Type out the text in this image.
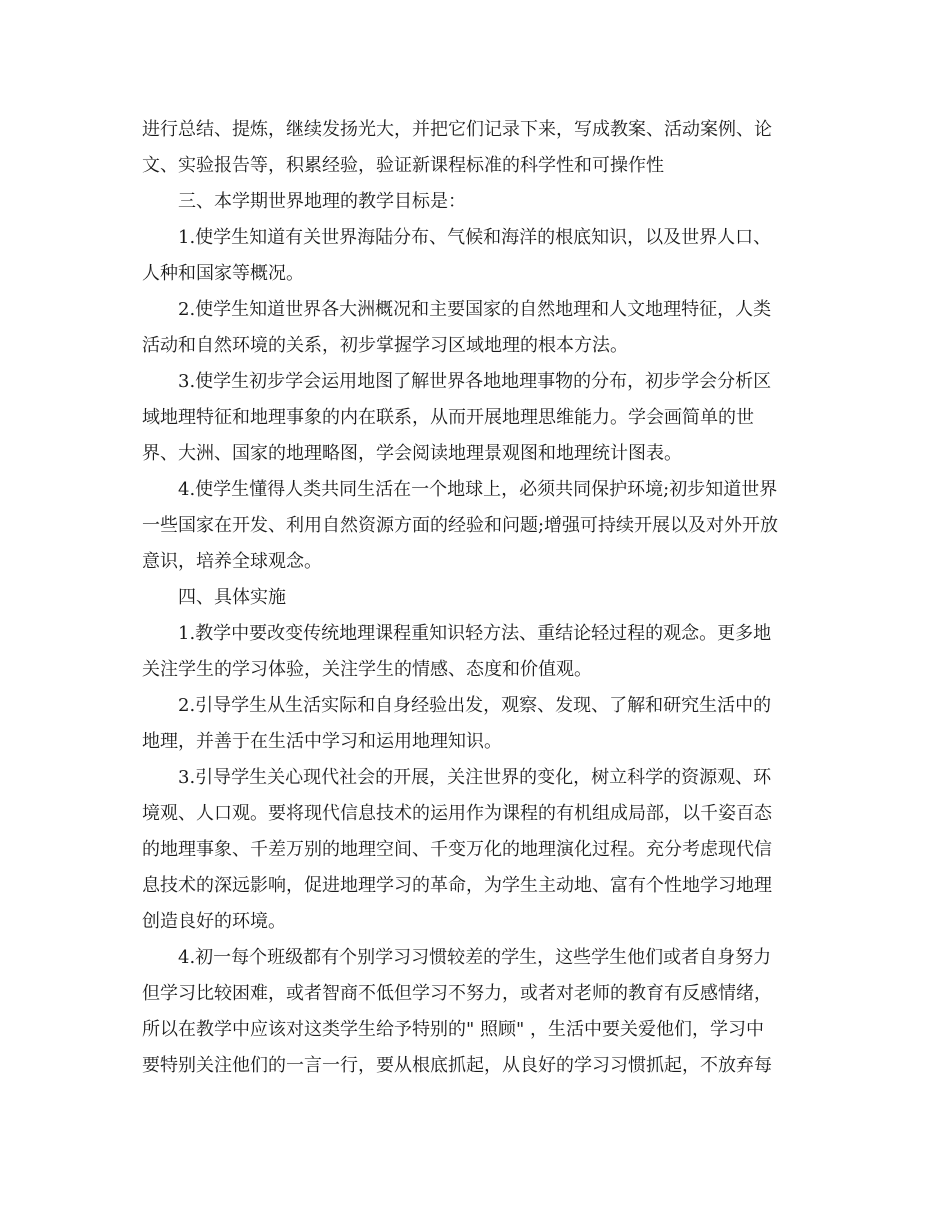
进行总结、提炼，继续发扬光大，并把它们记录下来，写成教案、活动案例、论
文、实验报告等，积累经验，验证新课程标准的科学性和可操作性
三、本学期世界地理的教学目标是：
1.使学生知道有关世界海陆分布、气候和海洋的根底知识，以及世界人口、
人种和国家等概况。
2.使学生知道世界各大洲概况和主要国家的自然地理和人文地理特征，人类
活动和自然环境的关系，初步掌握学习区域地理的根本方法。
3.使学生初步学会运用地图了解世界各地地理事物的分布，初步学会分析区
域地理特征和地理事象的内在联系，从而开展地理思维能力。学会画简单的世
界、大洲、国家的地理略图，学会阅读地理景观图和地理统计图表。
4.使学生懂得人类共同生活在一个地球上，必须共同保护环境;初步知道世界
一些国家在开发、利用自然资源方面的经验和问题;增强可持续开展以及对外开放
意识，培养全球观念。
四、具体实施
1.教学中要改变传统地理课程重知识轻方法、重结论轻过程的观念。更多地
关注学生的学习体验，关注学生的情感、态度和价值观。
2.引导学生从生活实际和自身经验出发，观察、发现、了解和研究生活中的
地理，并善于在生活中学习和运用地理知识。
3.引导学生关心现代社会的开展，关注世界的变化，树立科学的资源观、环
境观、人口观。要将现代信息技术的运用作为课程的有机组成局部，以千姿百态
的地理事象、千差万别的地理空间、千变万化的地理演化过程。充分考虑现代信
息技术的深远影响，促进地理学习的革命，为学生主动地、富有个性地学习地理
创造良好的环境。
4.初一每个班级都有个别学习习惯较差的学生，这些学生他们或者自身努力
但学习比较困难，或者智商不低但学习不努力，或者对老师的教育有反感情绪，
所以在教学中应该对这类学生给予特别的" 照顾" ，生活中要关爱他们，学习中
要特别关注他们的一言一行，要从根底抓起，从良好的学习习惯抓起，不放弃每
